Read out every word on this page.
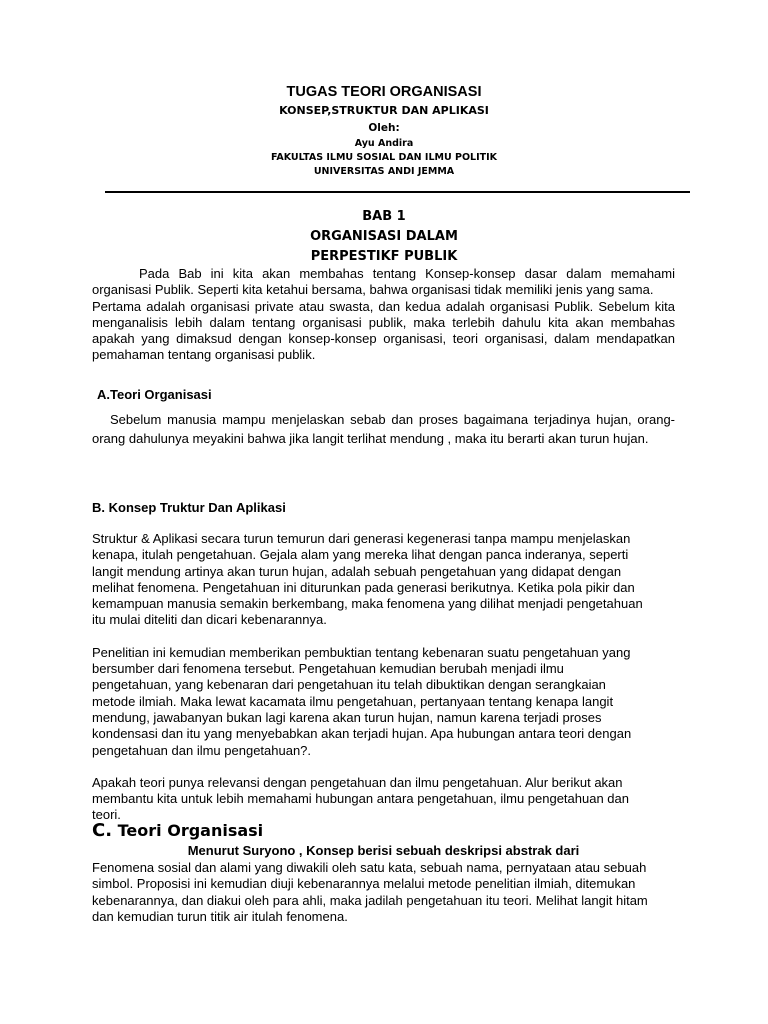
TUGAS TEORI ORGANISASI
KONSEP,STRUKTUR DAN APLIKASI
Oleh:
Ayu Andira
FAKULTAS ILMU SOSIAL DAN ILMU POLITIK
UNIVERSITAS ANDI JEMMA
BAB 1
ORGANISASI DALAM
PERPESTIKF PUBLIK

Pada Bab ini kita akan membahas tentang Konsep-konsep dasar dalam memahami organisasi Publik. Seperti kita ketahui bersama, bahwa organisasi tidak memiliki jenis yang sama.

Pertama adalah organisasi private atau swasta, dan kedua adalah organisasi Publik. Sebelum kita menganalisis lebih dalam tentang organisasi publik, maka terlebih dahulu kita akan membahas apakah yang dimaksud dengan konsep-konsep organisasi, teori organisasi, dalam mendapatkan pemahaman tentang organisasi publik.

A.Teori Organisasi
Sebelum manusia mampu menjelaskan sebab dan proses bagaimana terjadinya hujan, orang- orang dahulunya meyakini bahwa jika langit terlihat mendung , maka itu berarti akan turun hujan.
B. Konsep Truktur Dan Aplikasi

Struktur & Aplikasi secara turun temurun dari generasi kegenerasi tanpa mampu menjelaskan
kenapa, itulah pengetahuan. Gejala alam yang mereka lihat dengan panca inderanya, seperti
langit mendung artinya akan turun hujan, adalah sebuah pengetahuan yang didapat dengan
melihat fenomena. Pengetahuan ini diturunkan pada generasi berikutnya. Ketika pola pikir dan
kemampuan manusia semakin berkembang, maka fenomena yang dilihat menjadi pengetahuan
itu mulai diteliti dan dicari kebenarannya.

Penelitian ini kemudian memberikan pembuktian tentang kebenaran suatu pengetahuan yang
bersumber dari fenomena tersebut. Pengetahuan kemudian berubah menjadi ilmu
pengetahuan, yang kebenaran dari pengetahuan itu telah dibuktikan dengan serangkaian
metode ilmiah. Maka lewat kacamata ilmu pengetahuan, pertanyaan tentang kenapa langit
mendung, jawabanyan bukan lagi karena akan turun hujan, namun karena terjadi proses
kondensasi dan itu yang menyebabkan akan terjadi hujan. Apa hubungan antara teori dengan
pengetahuan dan ilmu pengetahuan?.

Apakah teori punya relevansi dengan pengetahuan dan ilmu pengetahuan. Alur berikut akan
membantu kita untuk lebih memahami hubungan antara pengetahuan, ilmu pengetahuan dan
teori.

C. Teori Organisasi
Menurut Suryono , Konsep berisi sebuah deskripsi abstrak dari
Fenomena sosial dan alami yang diwakili oleh satu kata, sebuah nama, pernyataan atau sebuah
simbol. Proposisi ini kemudian diuji kebenarannya melalui metode penelitian ilmiah, ditemukan
kebenarannya, dan diakui oleh para ahli, maka jadilah pengetahuan itu teori. Melihat langit hitam
dan kemudian turun titik air itulah fenomena.
